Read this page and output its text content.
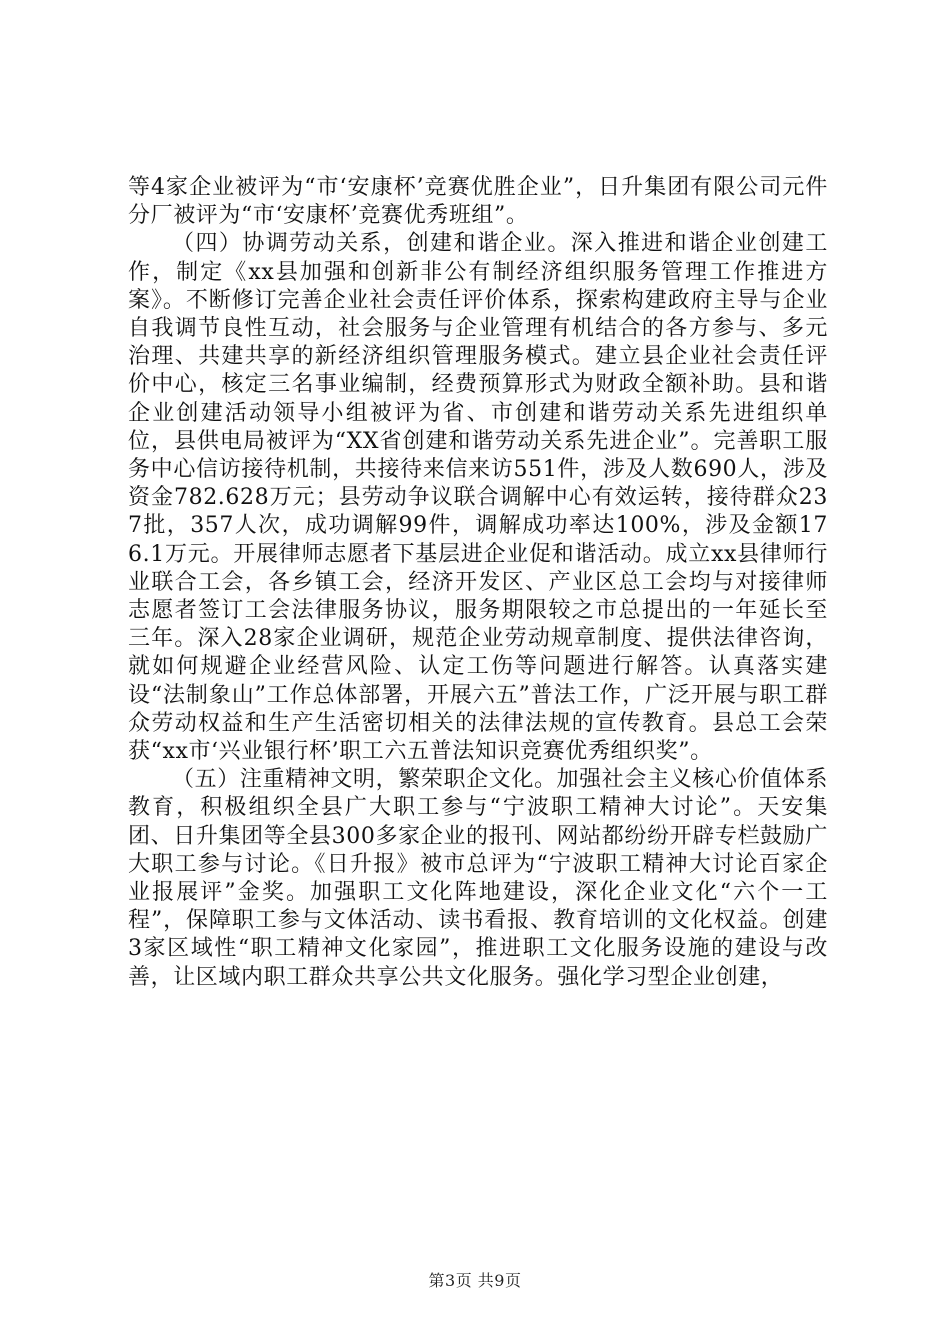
等4家企业被评为“市‘安康杯’竞赛优胜企业”，日升集团有限公司元件分厂被评为“市‘安康杯’竞赛优秀班组”。

（四）协调劳动关系，创建和谐企业。深入推进和谐企业创建工作，制定《xx县加强和创新非公有制经济组织服务管理工作推进方案》。不断修订完善企业社会责任评价体系，探索构建政府主导与企业自我调节良性互动，社会服务与企业管理有机结合的各方参与、多元治理、共建共享的新经济组织管理服务模式。建立县企业社会责任评价中心，核定三名事业编制，经费预算形式为财政全额补助。县和谐企业创建活动领导小组被评为省、市创建和谐劳动关系先进组织单位，县供电局被评为“XX省创建和谐劳动关系先进企业”。完善职工服务中心信访接待机制，共接待来信来访551件，涉及人数690人，涉及资金782.628万元；县劳动争议联合调解中心有效运转，接待群众237批，357人次，成功调解99件，调解成功率达100%，涉及金额176.1万元。开展律师志愿者下基层进企业促和谐活动。成立xx县律师行业联合工会，各乡镇工会，经济开发区、产业区总工会均与对接律师志愿者签订工会法律服务协议，服务期限较之市总提出的一年延长至三年。深入28家企业调研，规范企业劳动规章制度、提供法律咨询，就如何规避企业经营风险、认定工伤等问题进行解答。认真落实建设“法制象山”工作总体部署，开展六五”普法工作，广泛开展与职工群众劳动权益和生产生活密切相关的法律法规的宣传教育。县总工会荣获“xx市‘兴业银行杯’职工六五普法知识竞赛优秀组织奖”。

（五）注重精神文明，繁荣职企文化。加强社会主义核心价值体系教育，积极组织全县广大职工参与“宁波职工精神大讨论”。天安集团、日升集团等全县300多家企业的报刊、网站都纷纷开辟专栏鼓励广大职工参与讨论。《日升报》被市总评为“宁波职工精神大讨论百家企业报展评”金奖。加强职工文化阵地建设，深化企业文化“六个一工程”，保障职工参与文体活动、读书看报、教育培训的文化权益。创建3家区域性“职工精神文化家园”，推进职工文化服务设施的建设与改善，让区域内职工群众共享公共文化服务。强化学习型企业创建，

第3页 共9页
